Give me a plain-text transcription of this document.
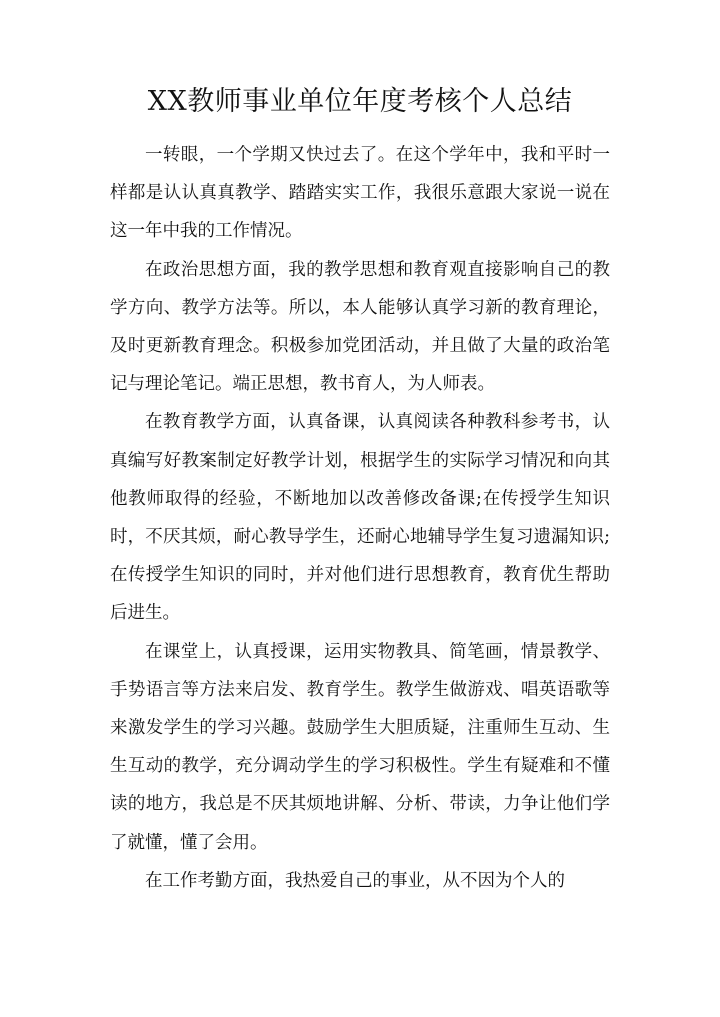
XX教师事业单位年度考核个人总结

一转眼，一个学期又快过去了。在这个学年中，我和平时一样都是认认真真教学、踏踏实实工作，我很乐意跟大家说一说在这一年中我的工作情况。

在政治思想方面，我的教学思想和教育观直接影响自己的教学方向、教学方法等。所以，本人能够认真学习新的教育理论，及时更新教育理念。积极参加党团活动，并且做了大量的政治笔记与理论笔记。端正思想，教书育人，为人师表。

在教育教学方面，认真备课，认真阅读各种教科参考书，认真编写好教案制定好教学计划，根据学生的实际学习情况和向其他教师取得的经验，不断地加以改善修改备课;在传授学生知识时，不厌其烦，耐心教导学生，还耐心地辅导学生复习遗漏知识;在传授学生知识的同时，并对他们进行思想教育，教育优生帮助后进生。

在课堂上，认真授课，运用实物教具、简笔画，情景教学、手势语言等方法来启发、教育学生。教学生做游戏、唱英语歌等来激发学生的学习兴趣。鼓励学生大胆质疑，注重师生互动、生生互动的教学，充分调动学生的学习积极性。学生有疑难和不懂读的地方，我总是不厌其烦地讲解、分析、带读，力争让他们学了就懂，懂了会用。

在工作考勤方面，我热爱自己的事业，从不因为个人的
